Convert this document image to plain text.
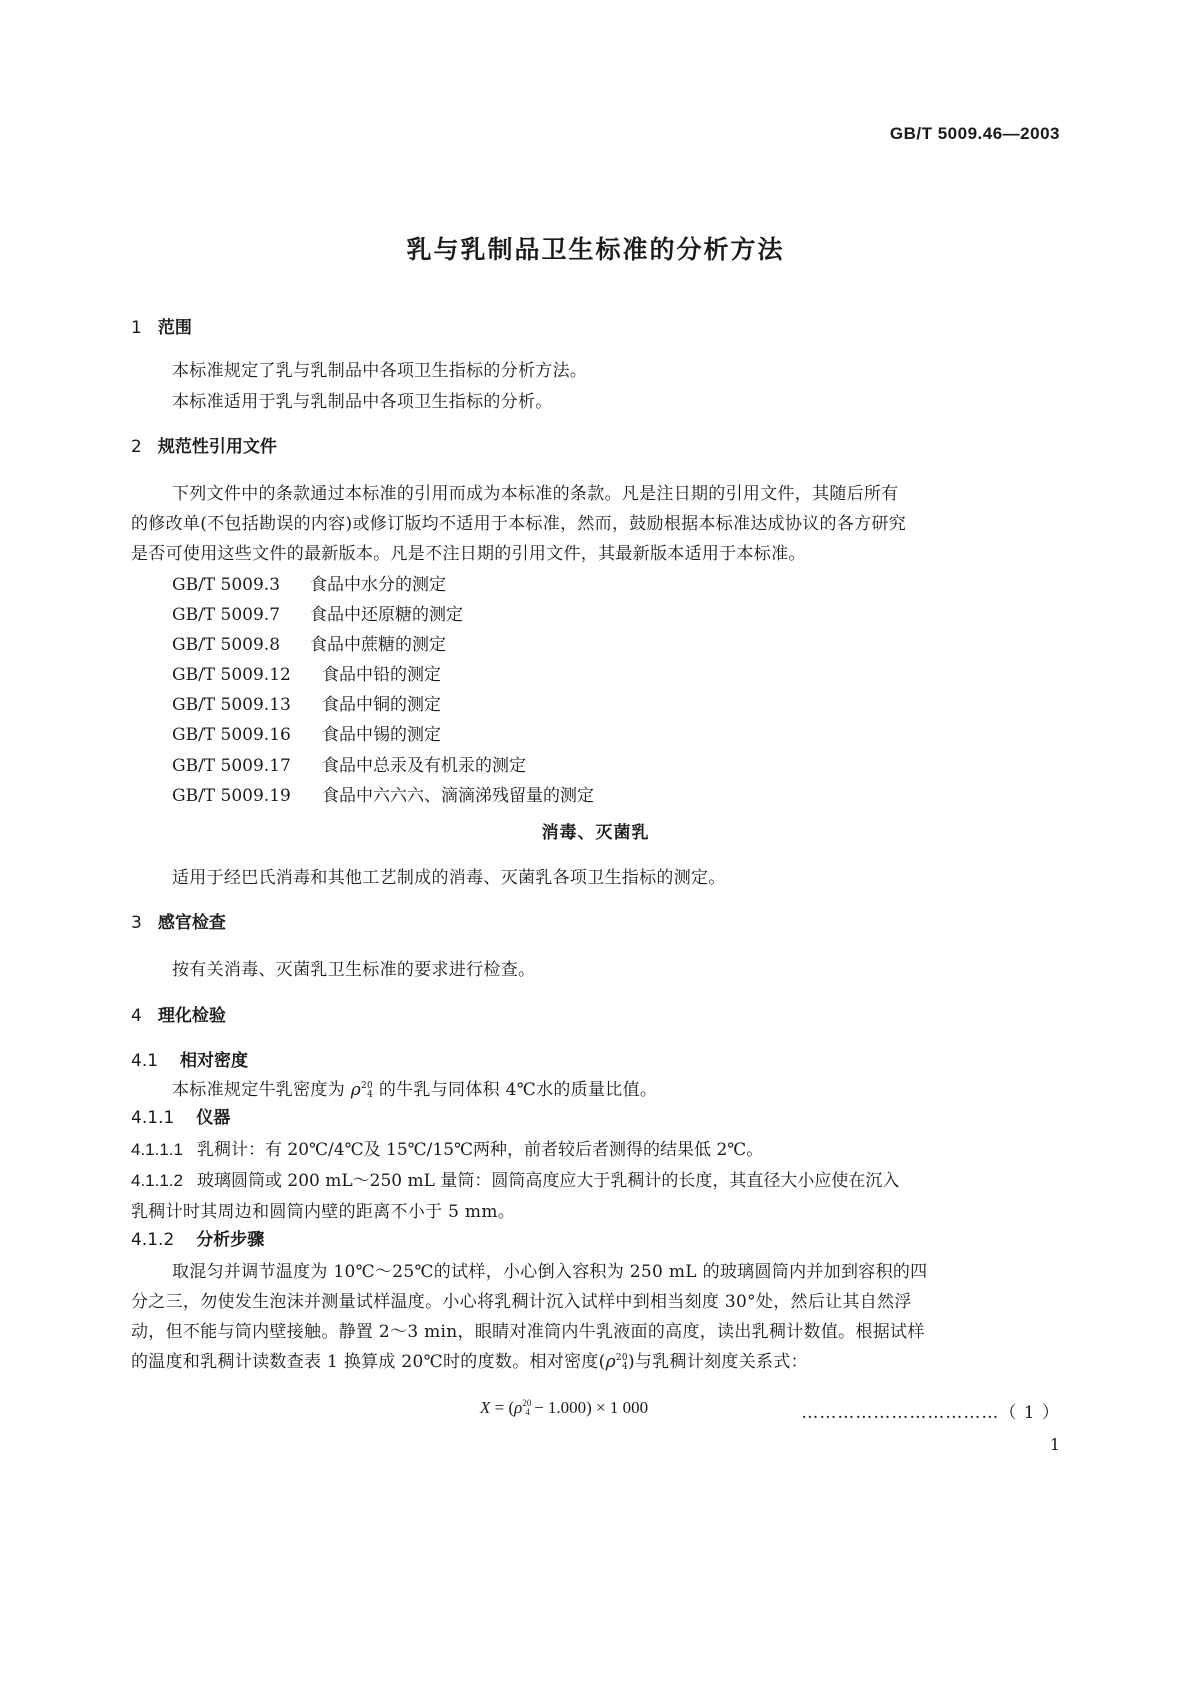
GB/T 5009.46—2003
乳与乳制品卫生标准的分析方法
1 范围
本标准规定了乳与乳制品中各项卫生指标的分析方法。
本标准适用于乳与乳制品中各项卫生指标的分析。
2 规范性引用文件
下列文件中的条款通过本标准的引用而成为本标准的条款。凡是注日期的引用文件，其随后所有
的修改单(不包括勘误的内容)或修订版均不适用于本标准，然而，鼓励根据本标准达成协议的各方研究
是否可使用这些文件的最新版本。凡是不注日期的引用文件，其最新版本适用于本标准。
GB/T 5009.3 食品中水分的测定
GB/T 5009.7 食品中还原糖的测定
GB/T 5009.8 食品中蔗糖的测定
GB/T 5009.12 食品中铅的测定
GB/T 5009.13 食品中铜的测定
GB/T 5009.16 食品中锡的测定
GB/T 5009.17 食品中总汞及有机汞的测定
GB/T 5009.19 食品中六六六、滴滴涕残留量的测定
消毒、灭菌乳
适用于经巴氏消毒和其他工艺制成的消毒、灭菌乳各项卫生指标的测定。
3 感官检查
按有关消毒、灭菌乳卫生标准的要求进行检查。
4 理化检验
4.1 相对密度
本标准规定牛乳密度为 $\rho^{20}_4$ 的牛乳与同体积 4℃水的质量比值。
4.1.1 仪器
4.1.1.1 乳稠计：有 20℃/4℃及 15℃/15℃两种，前者较后者测得的结果低 2℃。
4.1.1.2 玻璃圆筒或 200 mL～250 mL 量筒：圆筒高度应大于乳稠计的长度，其直径大小应使在沉入
乳稠计时其周边和圆筒内壁的距离不小于 5 mm。
4.1.2 分析步骤
取混匀并调节温度为 10℃～25℃的试样，小心倒入容积为 250 mL 的玻璃圆筒内并加到容积的四
分之三，勿使发生泡沫并测量试样温度。小心将乳稠计沉入试样中到相当刻度 30°处，然后让其自然浮
动，但不能与筒内壁接触。静置 2～3 min，眼睛对准筒内牛乳液面的高度，读出乳稠计数值。根据试样
的温度和乳稠计读数查表 1 换算成 20℃时的度数。相对密度$(\rho^{20}_4)$与乳稠计刻度关系式：
$X = (\rho^{20}_4 - 1.000) \times 1$ 000	……………………………（ 1 ）
1
